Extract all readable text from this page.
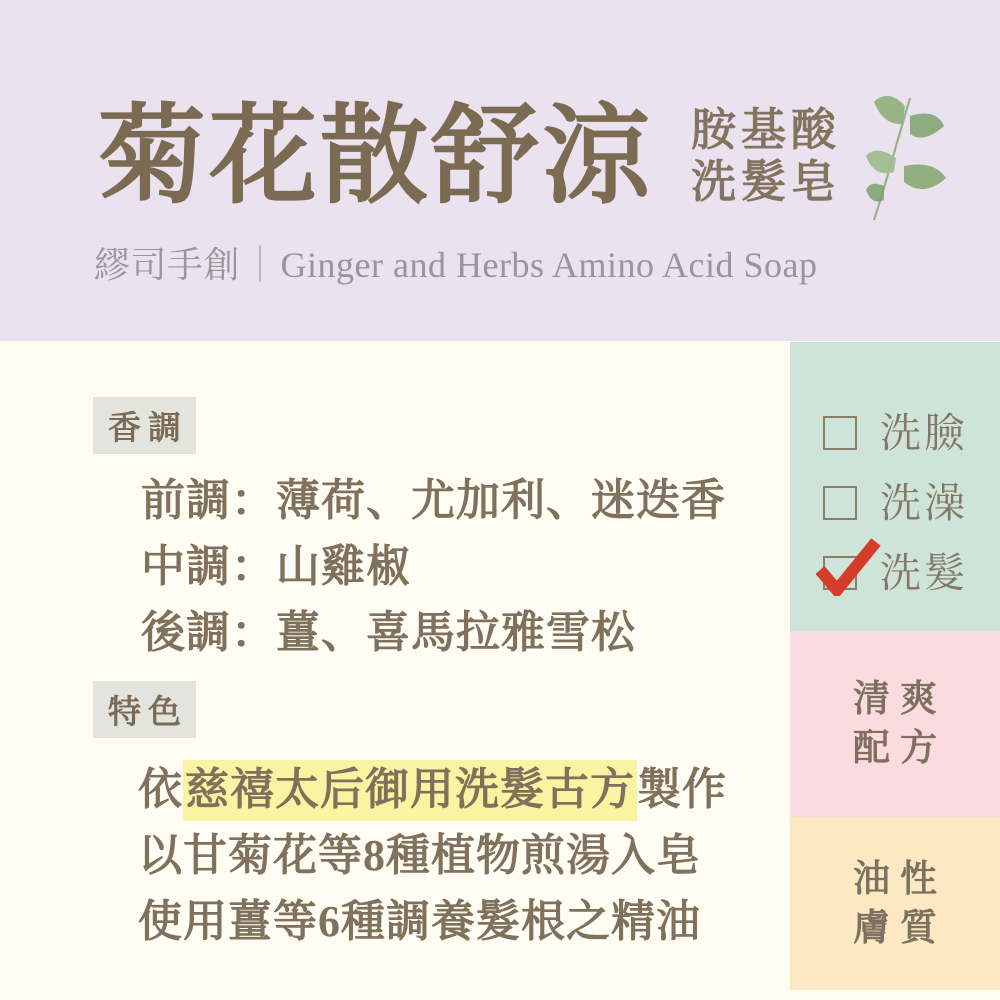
菊花散舒涼 胺基酸
洗髮皂
繆司手創｜Ginger and Herbs Amino Acid Soap
洗臉
洗澡
洗髮
清爽
配方
油性
膚質
香調
前調：薄荷、尤加利、迷迭香
中調：山雞椒
後調：薑、喜馬拉雅雪松
特色
依慈禧太后御用洗髮古方製作
以甘菊花等8種植物煎湯入皂
使用薑等6種調養髮根之精油
